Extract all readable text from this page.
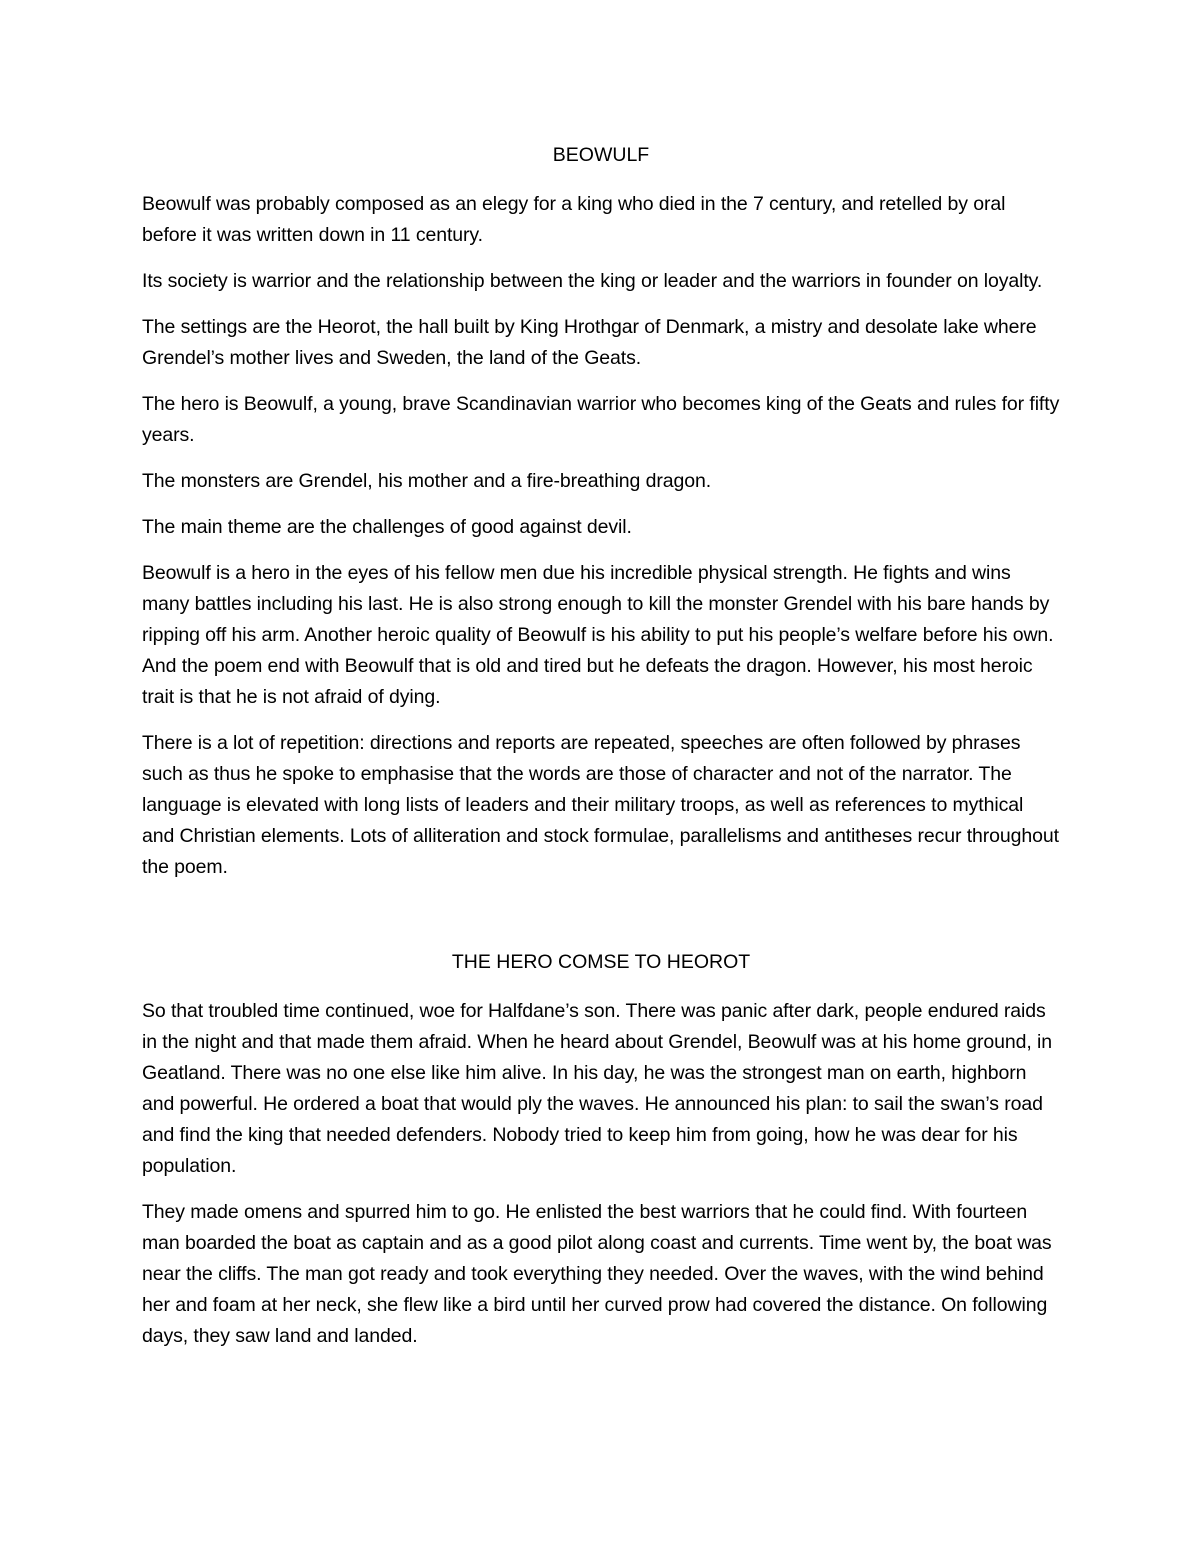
BEOWULF

Beowulf was probably composed as an elegy for a king who died in the 7 century, and retelled by oral before it was written down in 11 century.

Its society is warrior and the relationship between the king or leader and the warriors in founder on loyalty.

The settings are the Heorot, the hall built by King Hrothgar of Denmark, a mistry and desolate lake where Grendel’s mother lives and Sweden, the land of the Geats.

The hero is Beowulf, a young, brave Scandinavian warrior who becomes king of the Geats and rules for fifty years.

The monsters are Grendel, his mother and a fire-breathing dragon.

The main theme are the challenges of good against devil.

Beowulf is a hero in the eyes of his fellow men due his incredible physical strength. He fights and wins many battles including his last. He is also strong enough to kill the monster Grendel with his bare hands by ripping off his arm. Another heroic quality of Beowulf is his ability to put his people’s welfare before his own. And the poem end with Beowulf that is old and tired but he defeats the dragon. However, his most heroic trait is that he is not afraid of dying.

There is a lot of repetition: directions and reports are repeated, speeches are often followed by phrases such as thus he spoke to emphasise that the words are those of character and not of the narrator. The language is elevated with long lists of leaders and their military troops, as well as references to mythical and Christian elements. Lots of alliteration and stock formulae, parallelisms and antitheses recur throughout the poem.

THE HERO COMSE TO HEOROT

So that troubled time continued, woe for Halfdane’s son. There was panic after dark, people endured raids in the night and that made them afraid. When he heard about Grendel, Beowulf was at his home ground, in Geatland. There was no one else like him alive. In his day, he was the strongest man on earth, highborn and powerful. He ordered a boat that would ply the waves. He announced his plan: to sail the swan’s road and find the king that needed defenders. Nobody tried to keep him from going, how he was dear for his population.

They made omens and spurred him to go. He enlisted the best warriors that he could find. With fourteen man boarded the boat as captain and as a good pilot along coast and currents. Time went by, the boat was near the cliffs. The man got ready and took everything they needed. Over the waves, with the wind behind her and foam at her neck, she flew like a bird until her curved prow had covered the distance. On following days, they saw land and landed.
